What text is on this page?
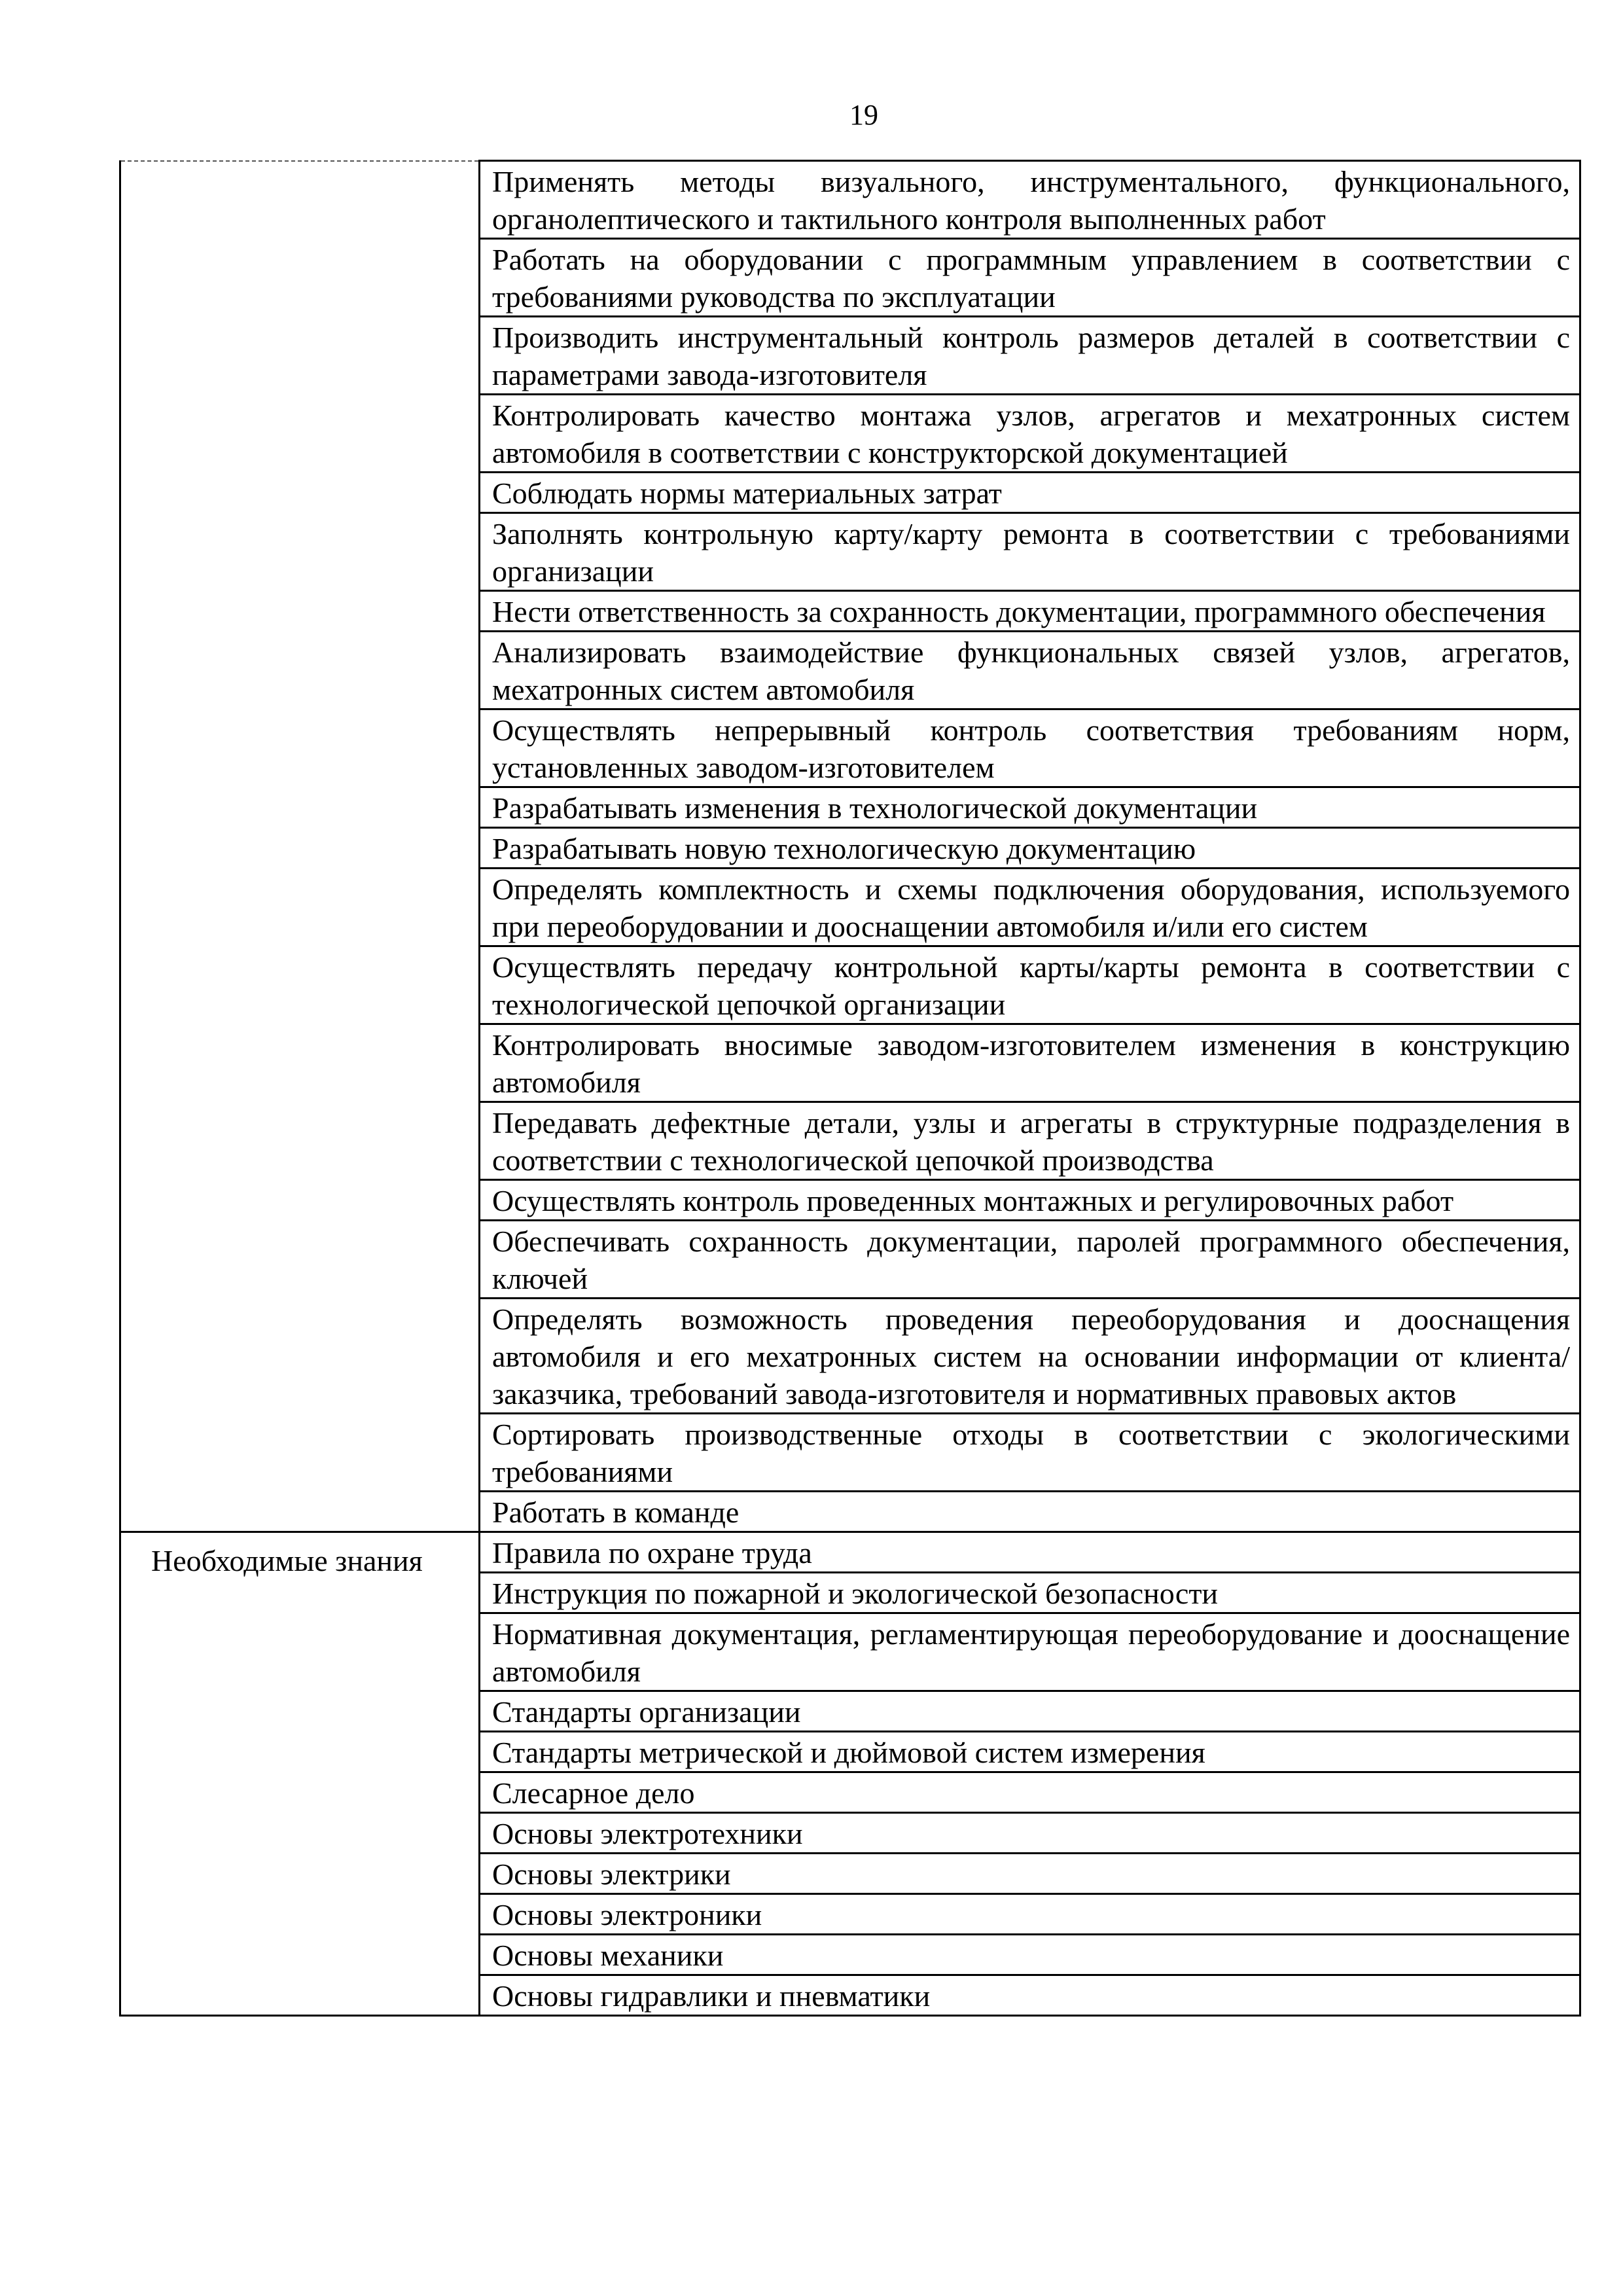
19

	Применять методы визуального, инструментального, функционального, органолептического и тактильного контроля выполненных работ

	Работать на оборудовании с программным управлением в соответствии с требованиями руководства по эксплуатации

	Производить инструментальный контроль размеров деталей в соответствии с параметрами завода-изготовителя

	Контролировать качество монтажа узлов, агрегатов и мехатронных систем автомобиля в соответствии с конструкторской документацией

	Соблюдать нормы материальных затрат

	Заполнять контрольную карту/карту ремонта в соответствии с требованиями организации

	Нести ответственность за сохранность документации, программного обеспечения

	Анализировать взаимодействие функциональных связей узлов, агрегатов, мехатронных систем автомобиля

	Осуществлять непрерывный контроль соответствия требованиям норм, установленных заводом-изготовителем

	Разрабатывать изменения в технологической документации

	Разрабатывать новую технологическую документацию

	Определять комплектность и схемы подключения оборудования, используемого при переоборудовании и дооснащении автомобиля и/или его систем

	Осуществлять передачу контрольной карты/карты ремонта в соответствии с технологической цепочкой организации

	Контролировать вносимые заводом-изготовителем изменения в конструкцию автомобиля

	Передавать дефектные детали, узлы и агрегаты в структурные подразделения в соответствии с технологической цепочкой производства

	Осуществлять контроль проведенных монтажных и регулировочных работ

	Обеспечивать сохранность документации, паролей программного обеспечения, ключей

	Определять возможность проведения переоборудования и дооснащения автомобиля и его мехатронных систем на основании информации от клиента/заказчика, требований завода-изготовителя и нормативных правовых актов

	Сортировать производственные отходы в соответствии с экологическими требованиями

	Работать в команде

Необходимые знания	Правила по охране труда

	Инструкция по пожарной и экологической безопасности

	Нормативная документация, регламентирующая переоборудование и дооснащение автомобиля

	Стандарты организации

	Стандарты метрической и дюймовой систем измерения

	Слесарное дело

	Основы электротехники

	Основы электрики

	Основы электроники

	Основы механики

	Основы гидравлики и пневматики
